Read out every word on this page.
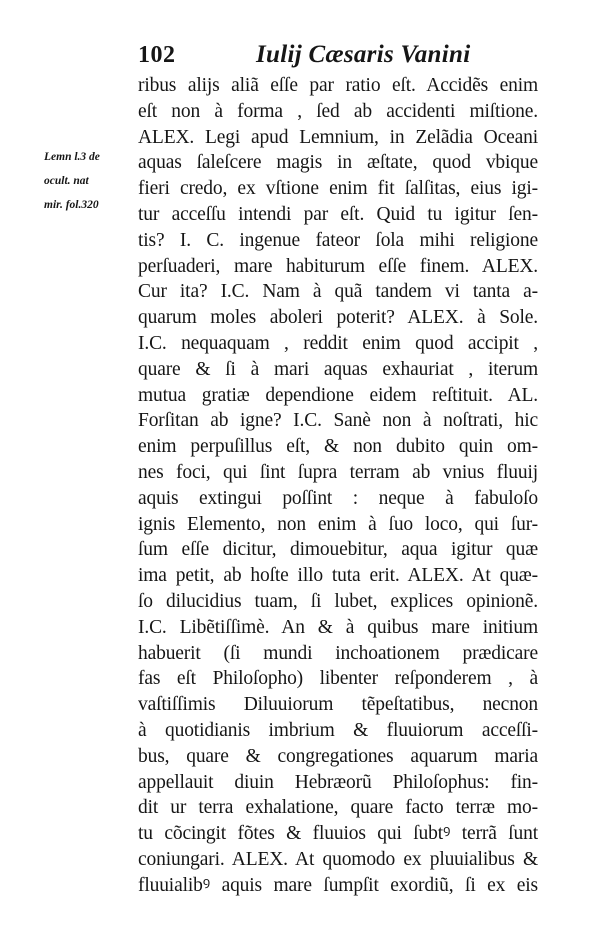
102	Iulij Cæsaris Vanini
Lemn l.3 de
ocult. nat
mir. fol.320
ribus alijs aliã eſſe par ratio eſt. Accidẽs enim
eſt non à forma , ſed ab accidenti miſtione.
ALEX. Legi apud Lemnium, in Zelãdia Oceani
aquas ſaleſcere magis in æſtate, quod vbique
fieri credo, ex vſtione enim fit ſalſitas, eius igi-
tur acceſſu intendi par eſt. Quid tu igitur ſen-
tis? I. C. ingenue fateor ſola mihi religione
perſuaderi, mare habiturum eſſe finem. ALEX.
Cur ita? I.C. Nam à quã tandem vi tanta a-
quarum moles aboleri poterit? ALEX. à Sole.
I.C. nequaquam , reddit enim quod accipit ,
quare & ſi à mari aquas exhauriat , iterum
mutua gratiæ dependione eidem reſtituit. AL.
Forſitan ab igne? I.C. Sanè non à noſtrati, hic
enim perpuſillus eſt, & non dubito quin om-
nes foci, qui ſint ſupra terram ab vnius fluuij
aquis extingui poſſint : neque à fabuloſo
ignis Elemento, non enim à ſuo loco, qui ſur-
ſum eſſe dicitur, dimouebitur, aqua igitur quæ
ima petit, ab hoſte illo tuta erit. ALEX. At quæ-
ſo dilucidius tuam, ſi lubet, explices opinionẽ.
I.C. Libẽtiſſimè. An & à quibus mare initium
habuerit (ſi mundi inchoationem prædicare
fas eſt Philoſopho) libenter reſponderem , à
vaſtiſſimis Diluuiorum tẽpeſtatibus, necnon
à quotidianis imbrium & fluuiorum acceſſi-
bus, quare & congregationes aquarum maria
appellauit diuin Hebræorũ Philoſophus: fin-
dit ur terra exhalatione, quare facto terræ mo-
tu cõcingit fõtes & fluuios qui ſubtꝰ terrã ſunt
coniungari. ALEX. At quomodo ex pluuialibus &
fluuialibꝰ aquis mare ſumpſit exordiũ, ſi ex eis
